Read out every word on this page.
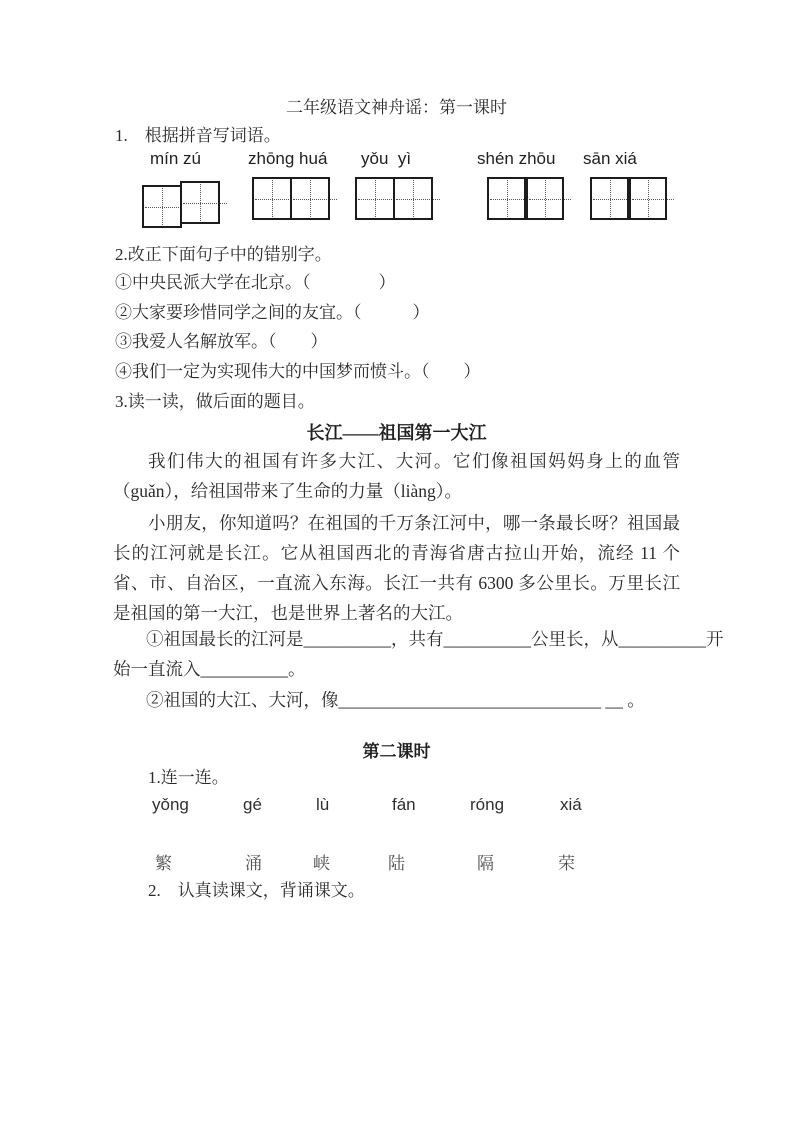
二年级语文神舟谣：第一课时
1.　根据拼音写词语。
mín zú	zhōng huá yǒu  yì	shén zhōu sān xiá
2.改正下面句子中的错别字。
①中央民派大学在北京。（　　　　）
②大家要珍惜同学之间的友宜。（　　　）
③我爱人名解放军。（　　）
④我们一定为实现伟大的中国梦而愤斗。（　　）
3.读一读，做后面的题目。
长江——祖国第一大江
我们伟大的祖国有许多大江、大河。它们像祖国妈妈身上的血管（guǎn），给祖国带来了生命的力量（liàng）。
小朋友，你知道吗？在祖国的千万条江河中，哪一条最长呀？祖国最长的江河就是长江。它从祖国西北的青海省唐古拉山开始，流经 11 个省、市、自治区，一直流入东海。长江一共有 6300 多公里长。万里长江是祖国的第一大江，也是世界上著名的大江。
①祖国最长的江河是__________，共有__________公里长，从__________开
始一直流入__________。
②祖国的大江、大河，像______________________________ __ 。
第二课时
1.连一连。
yǒng	gé	lù	fán	róng	xiá
繁	涌	峡	陆	隔	荣
2.　认真读课文，背诵课文。
